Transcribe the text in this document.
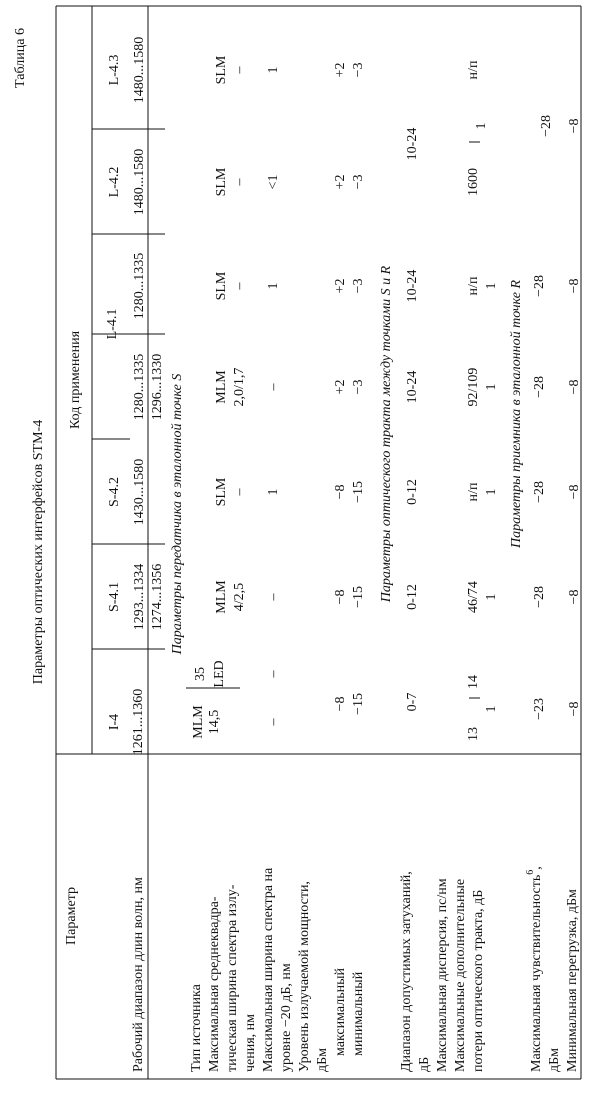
Таблица 6
Параметры оптических интерфейсов STM-4
Параметр
Код применения
I-4
S-4.1
S-4.2
L-4.1
L-4.2
L-4.3
Рабочий диапазон длин волн, нм
1261...1360
1293...1334 1274...1356
1430...1580
1280...1335 1296...1330
1280...1335
1480...1580
1480...1580
Параметры передатчика в эталонной точке S
Тип источника
MLM
LED
MLM
SLM
MLM
SLM
SLM
SLM
Максимальная среднеквадра- тическая ширина спектра излу- чения, нм
14,5
35
4/2,5
–
2,0/1,7
–
–
–
Максимальная ширина спектра на уровне −20 дБ, нм
–
–
–
1
–
1
<1
1
Уровень излучаемой мощности, дБм
максимальный минимальный
−8 −15
−8 −15
−8 −15
+2 −3
+2 −3
+2 −3
+2 −3
Параметры оптического тракта между точками S и R
Диапазон допустимых затуханий, дБ
0-7
0-12
0-12
10-24
10-24
10-24
Максимальная дисперсия, пс/нм
13
14
46/74
н/п
92/109
н/п
1600
н/п
Максимальные дополнительные потери оптического тракта, дБ
1
1
1
1
1
1
Параметры приемника в эталонной точке R
Максимальная чувствительность$^6$,
дБм
−23
−28
−28
−28
−28
−28
Минимальная перегрузка, дБм
−8
−8
−8
−8
−8
−8
